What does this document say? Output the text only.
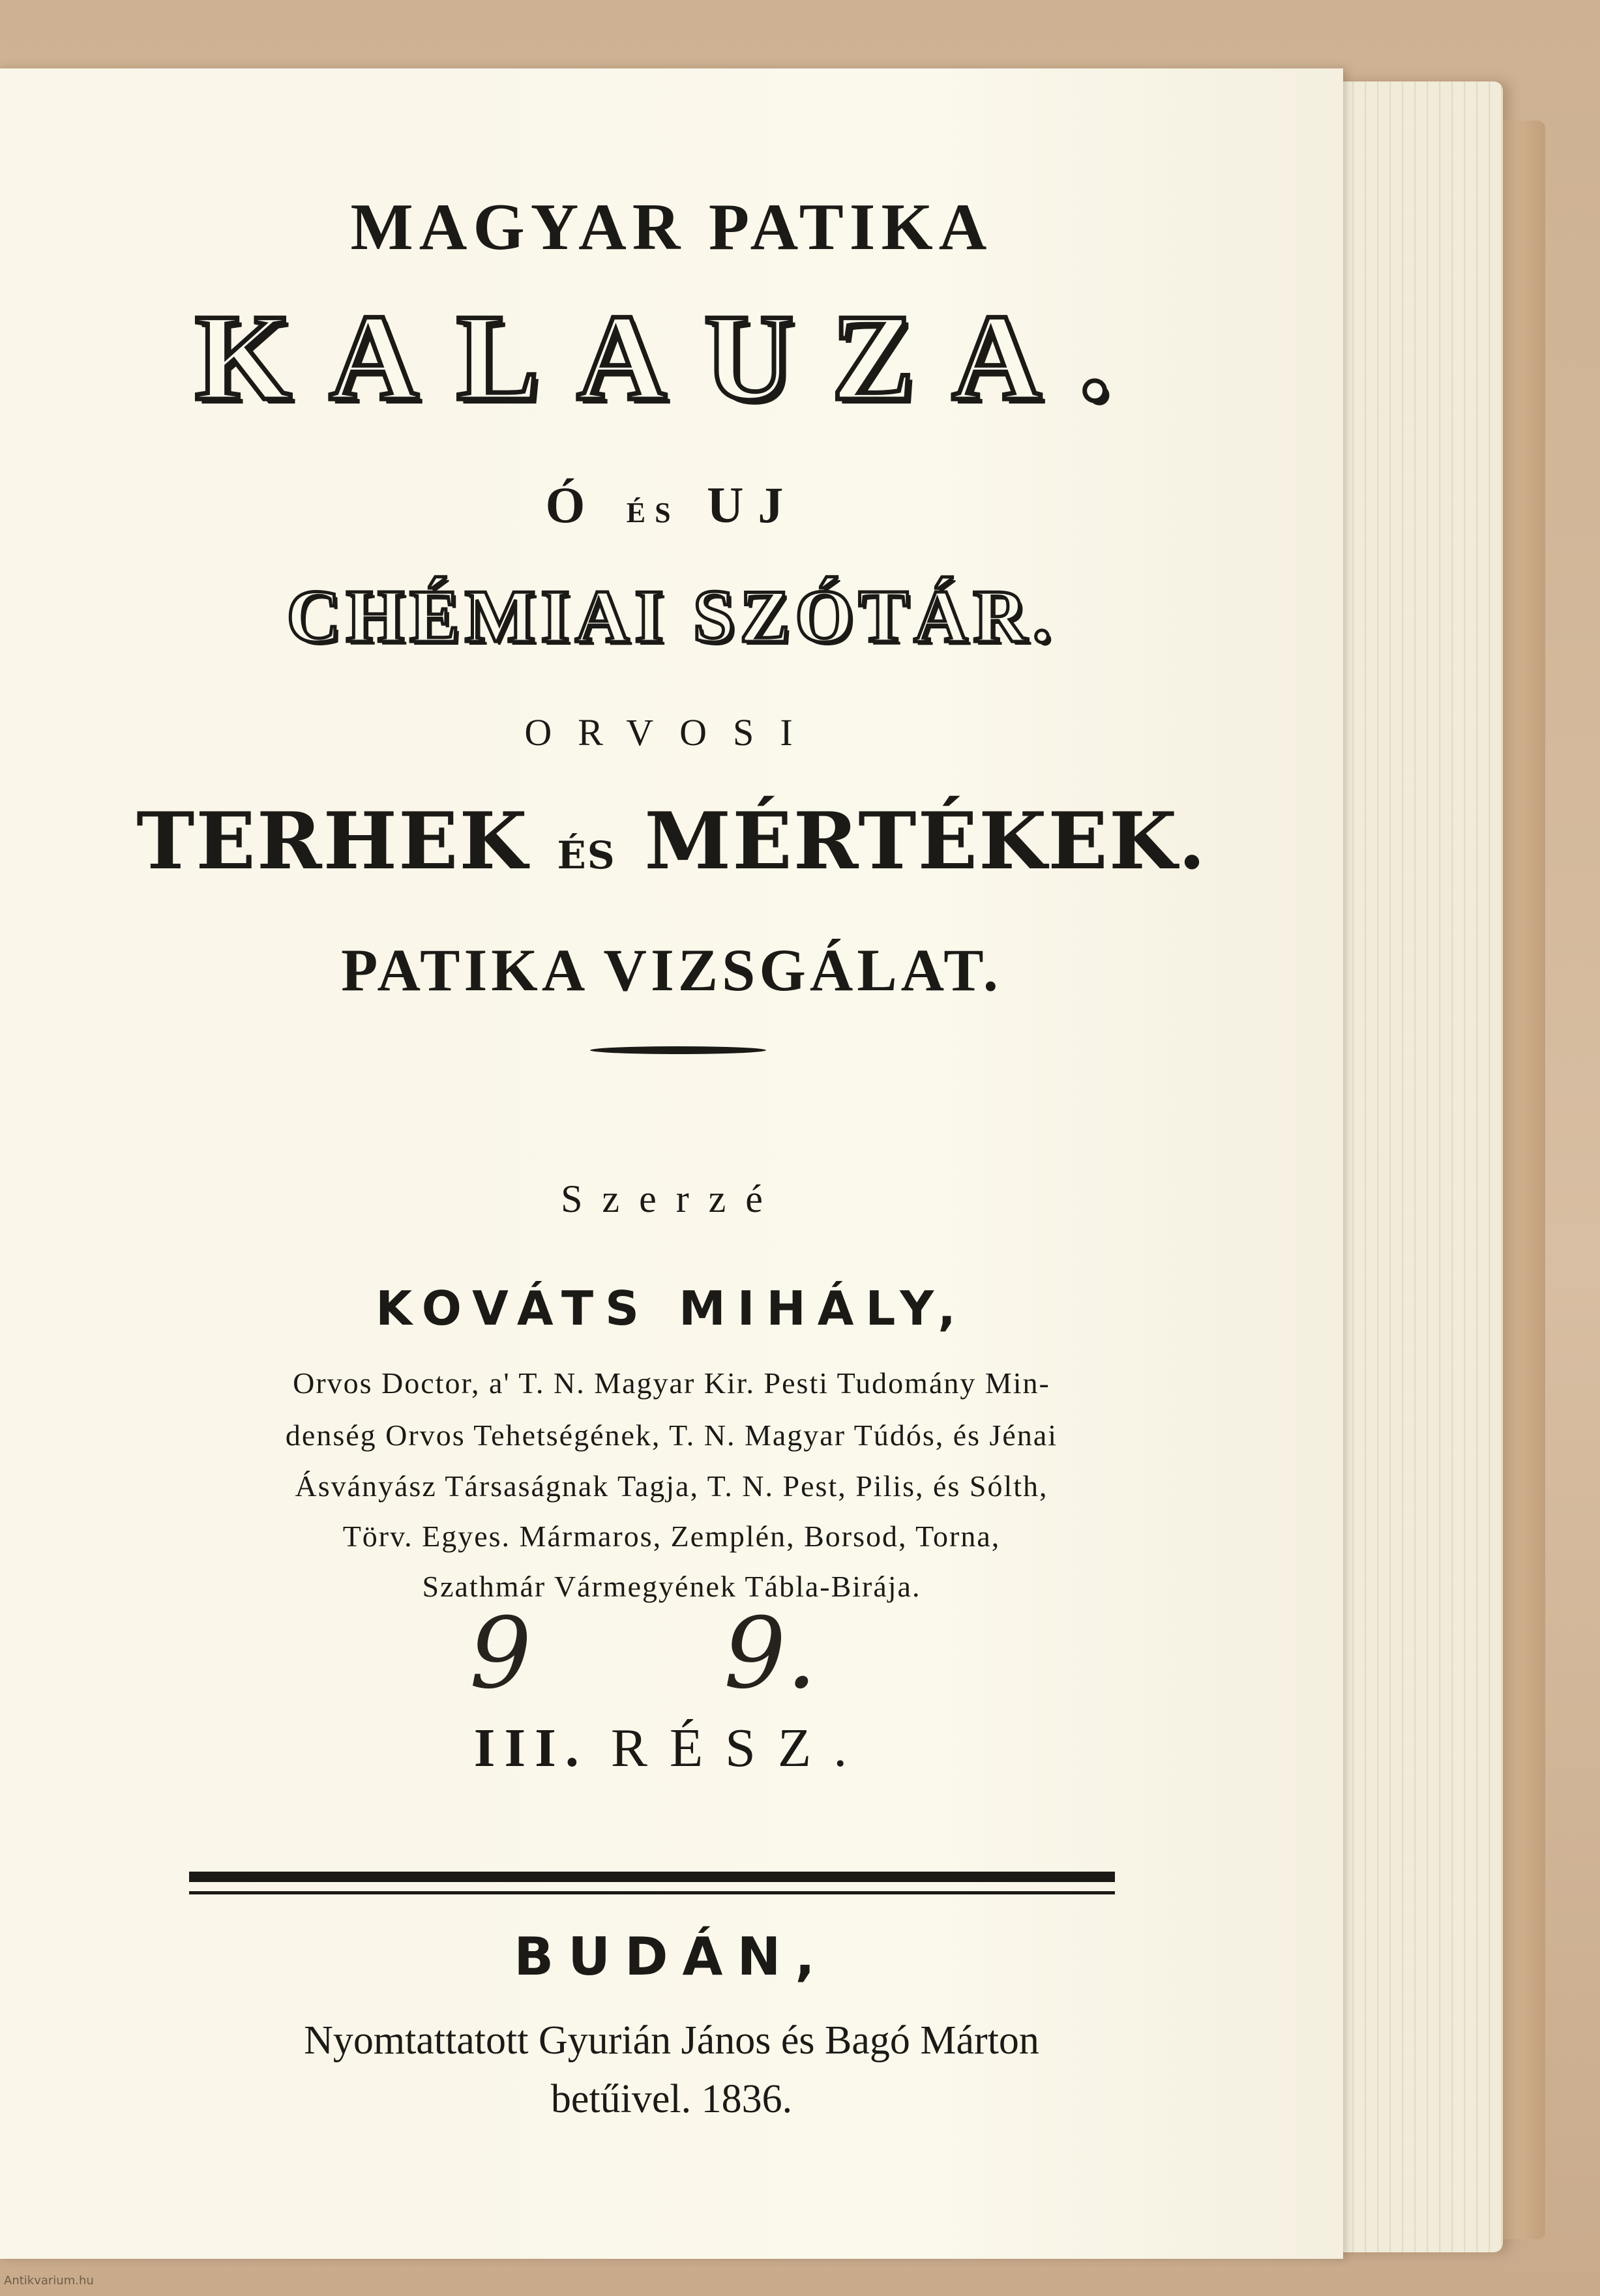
MAGYAR PATIKA
KALAUZA.
Ó ÉS UJ
CHÉMIAI SZÓTÁR.
ORVOSI
TERHEK ÉS MÉRTÉKEK.
PATIKA VIZSGÁLAT.
Szerzé
KOVÁTS MIHÁLY,
Orvos Doctor, a' T. N. Magyar Kir. Pesti Tudomány Min-
denség Orvos Tehetségének, T. N. Magyar Túdós, és Jénai
Ásványász Társaságnak Tagja, T. N. Pest, Pilis, és Sólth,
Törv. Egyes. Mármaros, Zemplén, Borsod, Torna,
Szathmár Vármegyének Tábla-Birája.
9 9.
III. RÉSZ.
BUDÁN,
Nyomtattatott Gyurián János és Bagó Márton
betűivel. 1836.
Antikvarium.hu
